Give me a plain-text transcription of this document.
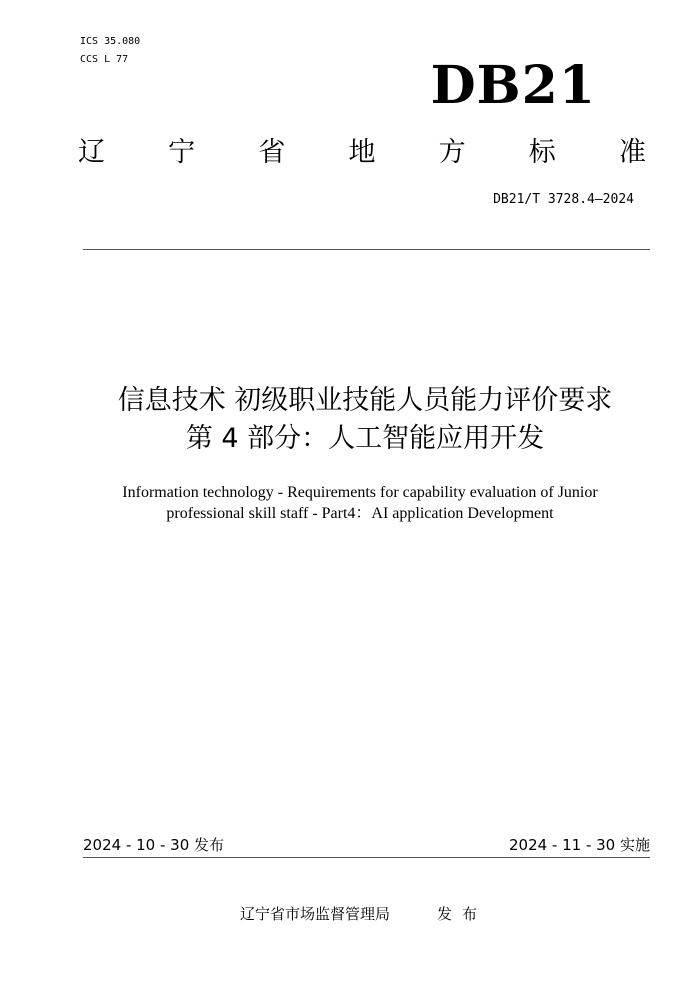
ICS 35.080
CCS L 77	DB21
辽 宁 省 地 方 标 准
DB21/T 3728.4—2024
信息技术 初级职业技能人员能力评价要求
第 4 部分：人工智能应用开发
Information technology - Requirements for capability evaluation of Junior
professional skill staff - Part4：AI application Development
2024 - 10 - 30 发布	2024 - 11 - 30 实施
辽宁省市场监督管理局	发布
